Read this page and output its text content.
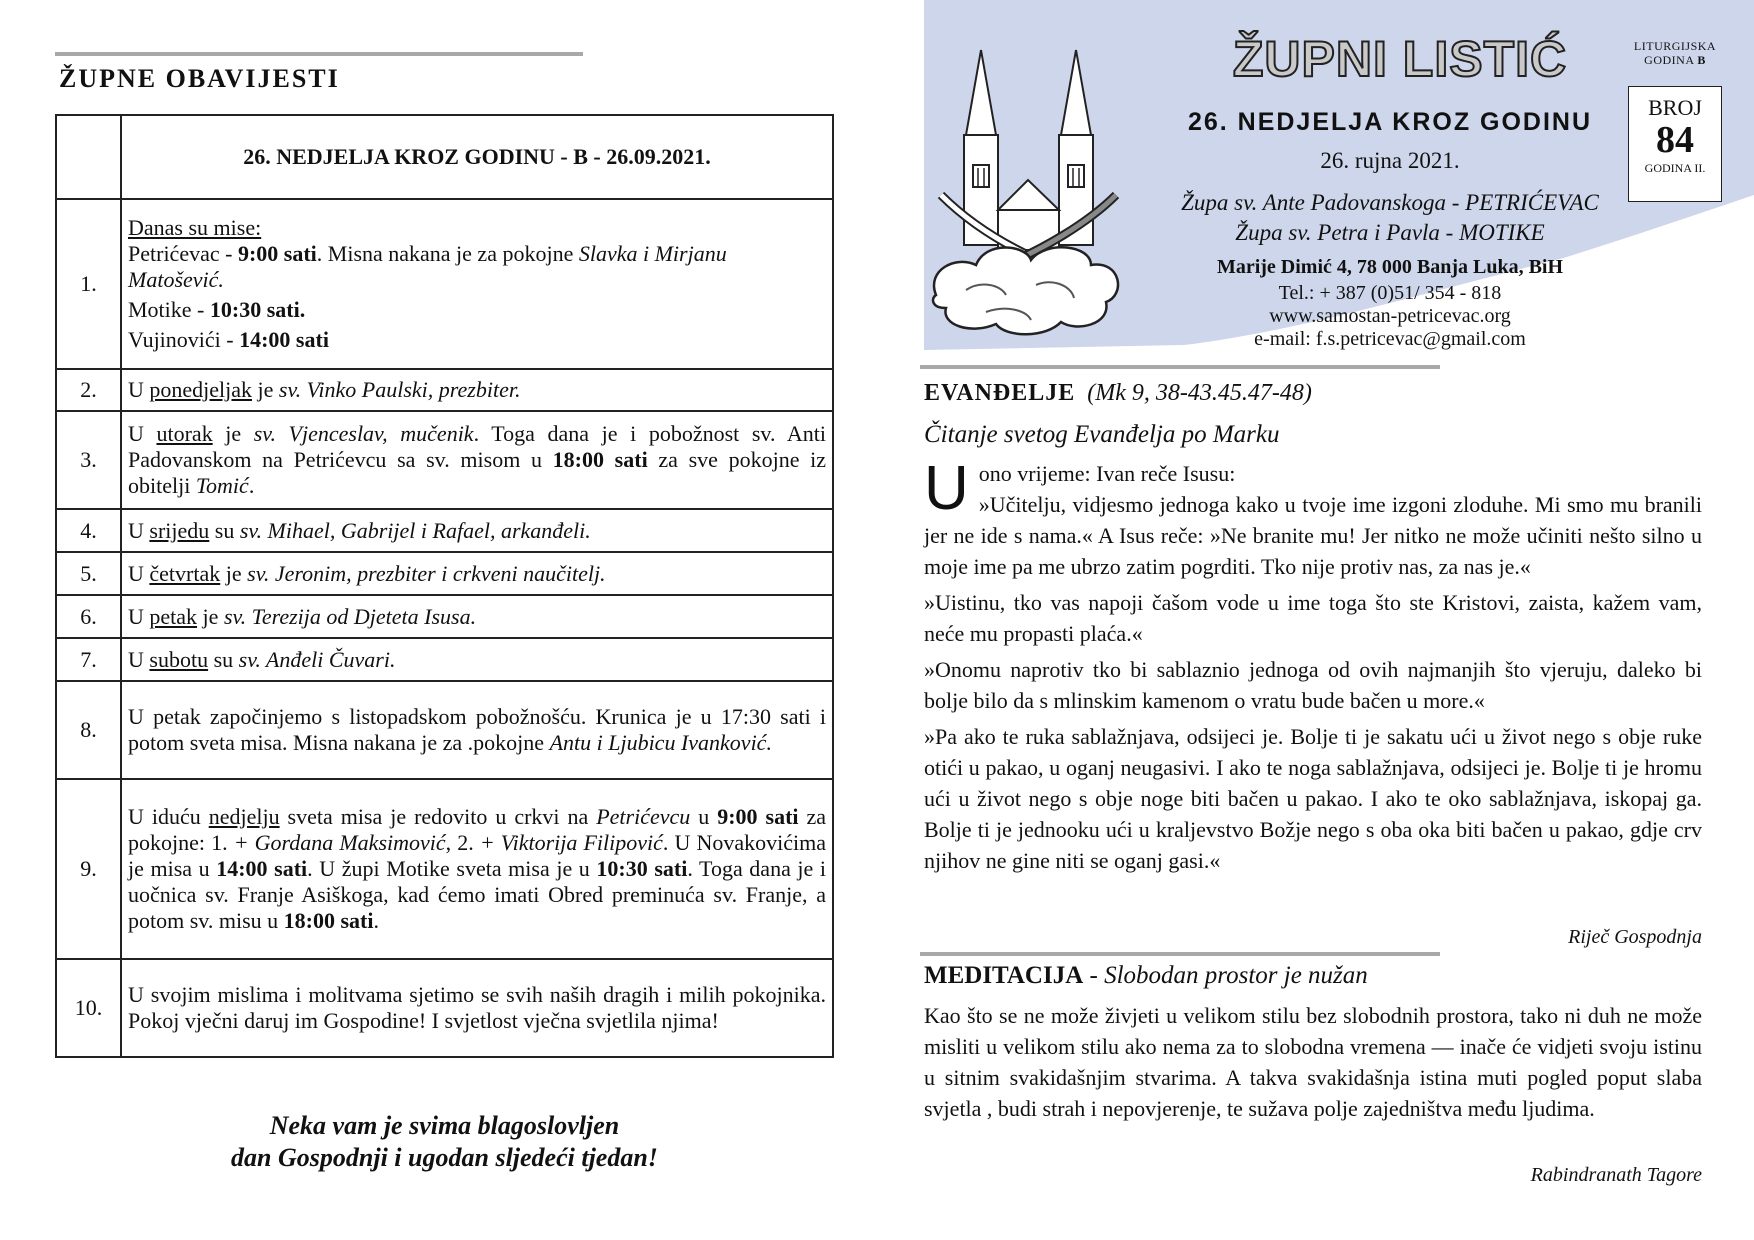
ŽUPNE OBAVIJESTI
	26. NEDJELJA KROZ GODINU - B - 26.09.2021.
1.	Danas su mise:
Petrićevac - 9:00 sati. Misna nakana je za pokojne Slavka i Mirjanu Matošević.
Motike - 10:30 sati.
Vujinovići - 14:00 sati

2.	U ponedjeljak je sv. Vinko Paulski, prezbiter.
3.	U utorak je sv. Vjenceslav, mučenik. Toga dana je i pobožnost sv. Anti Padovanskom na Petrićevcu sa sv. misom u 18:00 sati za sve pokojne iz obitelji Tomić.
4.	U srijedu su sv. Mihael, Gabrijel i Rafael, arkanđeli.
5.	U četvrtak je sv. Jeronim, prezbiter i crkveni naučitelj.
6.	U petak je sv. Terezija od Djeteta Isusa.
7.	U subotu su sv. Anđeli Čuvari.
8.	U petak započinjemo s listopadskom pobožnošću. Krunica je u 17:30 sati i potom sveta misa. Misna nakana je za .pokojne Antu i Ljubicu Ivanković.
9.	U iduću nedjelju sveta misa je redovito u crkvi na Petrićevcu u 9:00 sati za pokojne: 1. + Gordana Maksimović, 2. + Viktorija Filipović. U Novakovićima je misa u 14:00 sati. U župi Motike sveta misa je u 10:30 sati. Toga dana je i uočnica sv. Franje Asiškoga, kad ćemo imati Obred preminuća sv. Franje, a potom sv. misu u 18:00 sati.
10.	U svojim mislima i molitvama sjetimo se svih naših dragih i milih pokojnika. Pokoj vječni daruj im Gospodine! I svjetlost vječna svjetlila njima!
Neka vam je svima blagoslovljen
dan Gospodnji i ugodan sljedeći tjedan!
ŽUPNI LISTIĆ
26. NEDJELJA KROZ GODINU
26. rujna 2021.
Župa sv. Ante Padovanskoga - PETRIĆEVAC
Župa sv. Petra i Pavla - MOTIKE
Marije Dimić 4, 78 000 Banja Luka, BiH
Tel.: + 387 (0)51/ 354 - 818
www.samostan-petricevac.org
e-mail: f.s.petricevac@gmail.com
LITURGIJSKA
GODINA B
BROJ
84
GODINA II.
EVANĐELJE (Mk 9, 38-43.45.47-48)
Čitanje svetog Evanđelja po Marku

Uono vrijeme: Ivan reče Isusu:
»Učitelju, vidjesmo jednoga kako u tvoje ime izgoni zloduhe. Mi smo mu branili jer ne ide s nama.« A Isus reče: »Ne branite mu! Jer nitko ne može učiniti nešto silno u moje ime pa me ubrzo zatim pogrditi. Tko nije protiv nas, za nas je.«

»Uistinu, tko vas napoji čašom vode u ime toga što ste Kristovi, zaista, kažem vam, neće mu propasti plaća.«

»Onomu naprotiv tko bi sablaznio jednoga od ovih najmanjih što vjeruju, daleko bi bolje bilo da s mlinskim kamenom o vratu bude bačen u more.«

»Pa ako te ruka sablažnjava, odsijeci je. Bolje ti je sakatu ući u život nego s obje ruke otići u pakao, u oganj neugasivi. I ako te noga sablažnjava, odsijeci je. Bolje ti je hromu ući u život nego s obje noge biti bačen u pakao. I ako te oko sablažnjava, iskopaj ga. Bolje ti je jednooku ući u kraljevstvo Božje nego s oba oka biti bačen u pakao, gdje crv njihov ne gine niti se oganj gasi.«

Riječ Gospodnja
MEDITACIJA - Slobodan prostor je nužan
Kao što se ne može živjeti u velikom stilu bez slobodnih prostora, tako ni duh ne može misliti u velikom stilu ako nema za to slobodna vremena — inače će vidjeti svoju istinu u sitnim svakidašnjim stvarima. A takva svakidašnja istina muti pogled poput slaba svjetla , budi strah i nepovjerenje, te sužava polje zajedništva među ljudima.
Rabindranath Tagore
